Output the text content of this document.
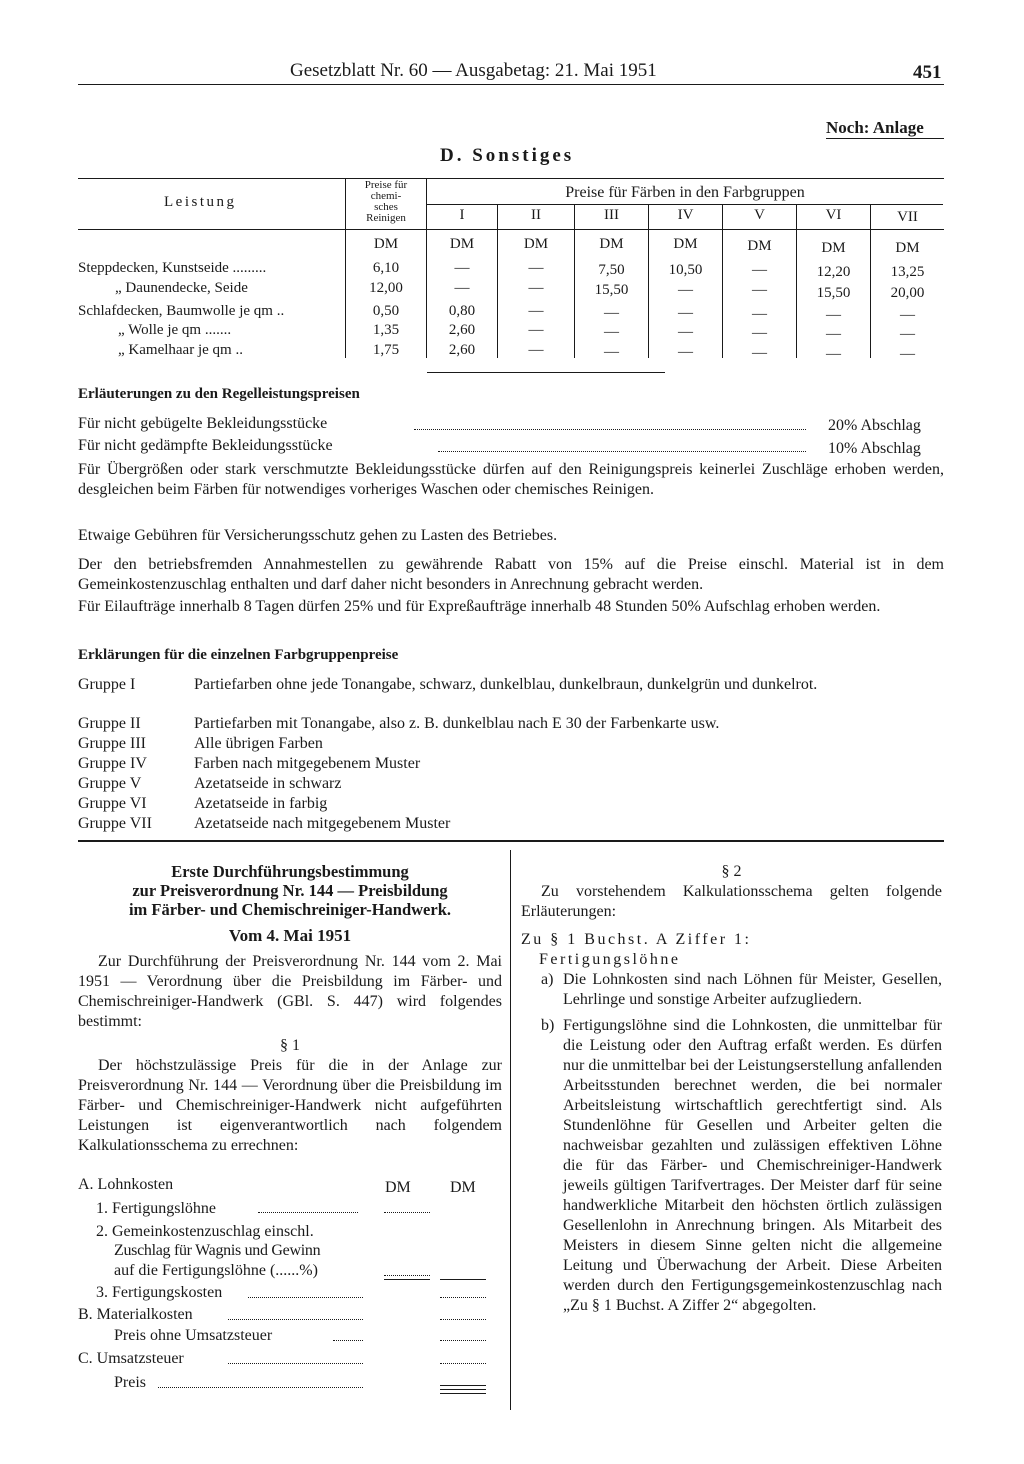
Gesetzblatt Nr. 60 — Ausgabetag: 21. Mai 1951	451
Noch: Anlage
D. Sonstiges
Leistung
Preise für
chemi-
sches
Reinigen
Preise für Färben in den Farbgruppen
I	II	III	IV	V	VI	VII
DM	DM	DM	DM	DM	DM	DM	DM
Steppdecken, Kunstseide .........	6,10	—	—	7,50	10,50	—	12,20	13,25
„ Daunendecke, Seide	12,00	—	—	15,50	—	—	15,50	20,00
Schlafdecken, Baumwolle je qm ..	0,50	0,80	—	—	—	—	—	—
„ Wolle je qm .......	1,35	2,60	—	—	—	—	—	—
„ Kamelhaar je qm ..	1,75	2,60	—	—	—	—	—	—
Erläuterungen zu den Regelleistungspreisen
Für nicht gebügelte Bekleidungsstücke	20% Abschlag
Für nicht gedämpfte Bekleidungsstücke	10% Abschlag
Für Übergrößen oder stark verschmutzte Bekleidungsstücke dürfen auf den Reinigungspreis keinerlei Zuschläge erhoben werden, desgleichen beim Färben für notwendiges vorheriges Waschen oder chemisches Reinigen.
Etwaige Gebühren für Versicherungsschutz gehen zu Lasten des Betriebes.
Der den betriebsfremden Annahmestellen zu gewährende Rabatt von 15% auf die Preise einschl. Material ist in dem Gemeinkostenzuschlag enthalten und darf daher nicht besonders in Anrechnung gebracht werden.
Für Eilaufträge innerhalb 8 Tagen dürfen 25% und für Expreßaufträge innerhalb 48 Stunden 50% Aufschlag erhoben werden.
Erklärungen für die einzelnen Farbgruppenpreise
Gruppe I	Partiefarben ohne jede Tonangabe, schwarz, dunkelblau, dunkelbraun, dunkelgrün und dunkelrot.
Gruppe II	Partiefarben mit Tonangabe, also z. B. dunkelblau nach E 30 der Farbenkarte usw.
Gruppe III	Alle übrigen Farben
Gruppe IV	Farben nach mitgegebenem Muster
Gruppe V	Azetatseide in schwarz
Gruppe VI	Azetatseide in farbig
Gruppe VII	Azetatseide nach mitgegebenem Muster
Erste Durchführungsbestimmung
zur Preisverordnung Nr. 144 — Preisbildung
im Färber- und Chemischreiniger-Handwerk.
Vom 4. Mai 1951
Zur Durchführung der Preisverordnung Nr. 144 vom 2. Mai 1951 — Verordnung über die Preisbildung im Färber- und Chemischreiniger-Handwerk (GBl. S. 447) wird folgendes bestimmt:
§ 1
Der höchstzulässige Preis für die in der Anlage zur Preisverordnung Nr. 144 — Verordnung über die Preisbildung im Färber- und Chemischreiniger-Handwerk nicht aufgeführten Leistungen ist eigenverantwortlich nach folgendem Kalkulationsschema zu errechnen:
A. Lohnkosten	DM DM
1. Fertigungslöhne
2. Gemeinkostenzuschlag einschl.
Zuschlag für Wagnis und Gewinn
auf die Fertigungslöhne (......%)
3. Fertigungskosten
B. Materialkosten
Preis ohne Umsatzsteuer
C. Umsatzsteuer
Preis
§ 2
Zu vorstehendem Kalkulationsschema gelten folgende Erläuterungen:
Zu § 1 Buchst. A Ziffer 1:
Fertigungslöhne
a) Die Lohnkosten sind nach Löhnen für Meister, Gesellen, Lehrlinge und sonstige Arbeiter aufzugliedern.
b) Fertigungslöhne sind die Lohnkosten, die unmittelbar für die Leistung oder den Auftrag erfaßt werden. Es dürfen nur die unmittelbar bei der Leistungserstellung anfallenden Arbeitsstunden berechnet werden, die bei normaler Arbeitsleistung wirtschaftlich gerechtfertigt sind. Als Stundenlöhne für Gesellen und Arbeiter gelten die nachweisbar gezahlten und zulässigen effektiven Löhne die für das Färber- und Chemischreiniger-Handwerk jeweils gültigen Tarifvertrages. Der Meister darf für seine handwerkliche Mitarbeit den höchsten örtlich zulässigen Gesellenlohn in Anrechnung bringen. Als Mitarbeit des Meisters in diesem Sinne gelten nicht die allgemeine Leitung und Überwachung der Arbeit. Diese Arbeiten werden durch den Fertigungsgemeinkostenzuschlag nach „Zu § 1 Buchst. A Ziffer 2“ abgegolten.
